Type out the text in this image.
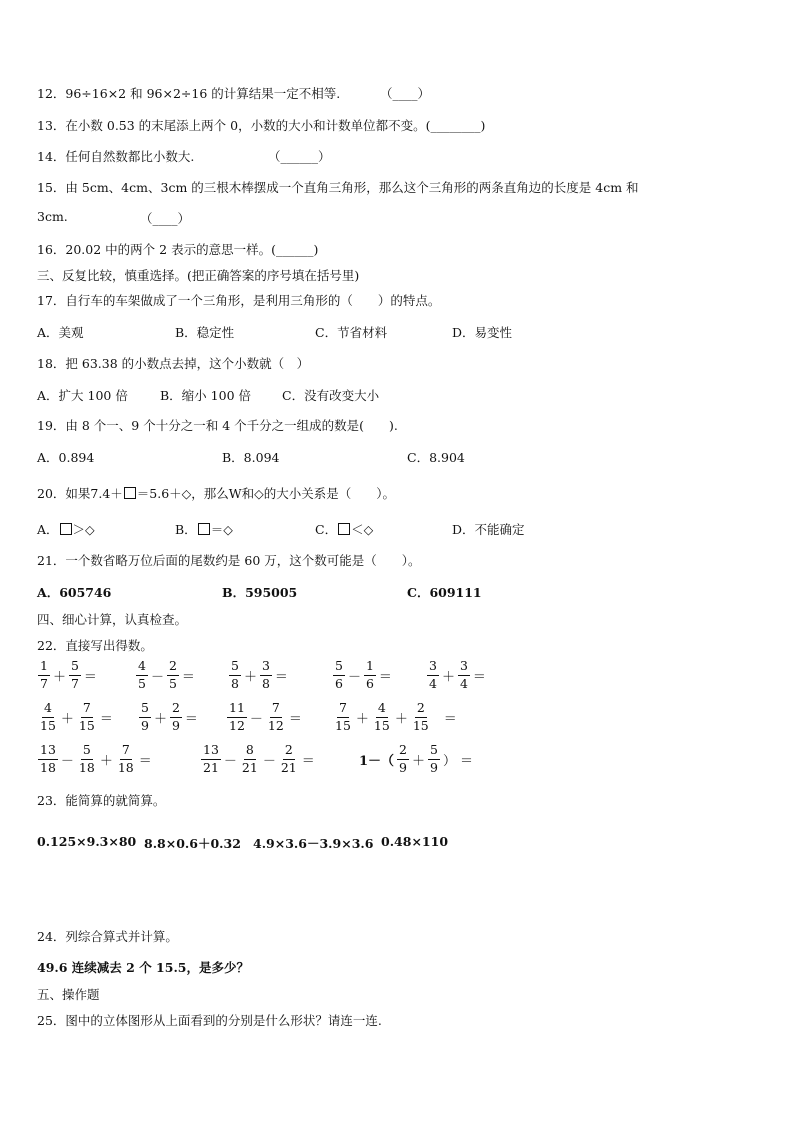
12．96÷16×2 和 96×2÷16 的计算结果一定不相等.	（____）
13．在小数 0.53 的末尾添上两个 0，小数的大小和计数单位都不变。(________)
14．任何自然数都比小数大.	（______）
15．由 5cm、4cm、3cm 的三根木棒摆成一个直角三角形，那么这个三角形的两条直角边的长度是 4cm 和
3cm.	（____）
16．20.02 中的两个 2 表示的意思一样。(______)
三、反复比较，慎重选择。(把正确答案的序号填在括号里)
17．自行车的车架做成了一个三角形，是利用三角形的（　　）的特点。
A．美观	B．稳定性	C．节省材料	D．易变性
18．把 63.38 的小数点去掉，这个小数就（　）
A．扩大 100 倍	B．缩小 100 倍 C．没有改变大小
19．由 8 个一、9 个十分之一和 4 个千分之一组成的数是(　　).
A．0.894	B．8.094	C．8.904
20．如果7.4＋ ＝5.6＋◇，那么W和◇的大小关系是（　　）。
A． ＞◇	B． ＝◇	C． ＜◇	D．不能确定
21．一个数省略万位后面的尾数约是 60 万，这个数可能是（　　）。
A．605746	B．595005	C．609111
四、细心计算，认真检查。
22．直接写出得数。
1
7 ＋
5
7 ＝
4
5 －
2
5 ＝
5
8 ＋
3
8 ＝
5
6 －
1
6 ＝
3
4 ＋
3
4 ＝
4
15 ＋
7
15 ＝
5
9 ＋
2
9 ＝
11
12 －
7
12 ＝
7
15 ＋
4
15 ＋
2
15 ＝
13
18 －
5
18 ＋
7
18 ＝
13
21 －
8
21 －
2
21 ＝	1－（
2
9 ＋
5
9 ） ＝
23．能简算的就简算。
0.125×9.3×80 8.8×0.6＋0.32 4.9×3.6－3.9×3.6 0.48×110
24．列综合算式并计算。
49.6 连续减去 2 个 15.5，是多少？
五、操作题
25．图中的立体图形从上面看到的分别是什么形状？请连一连.
